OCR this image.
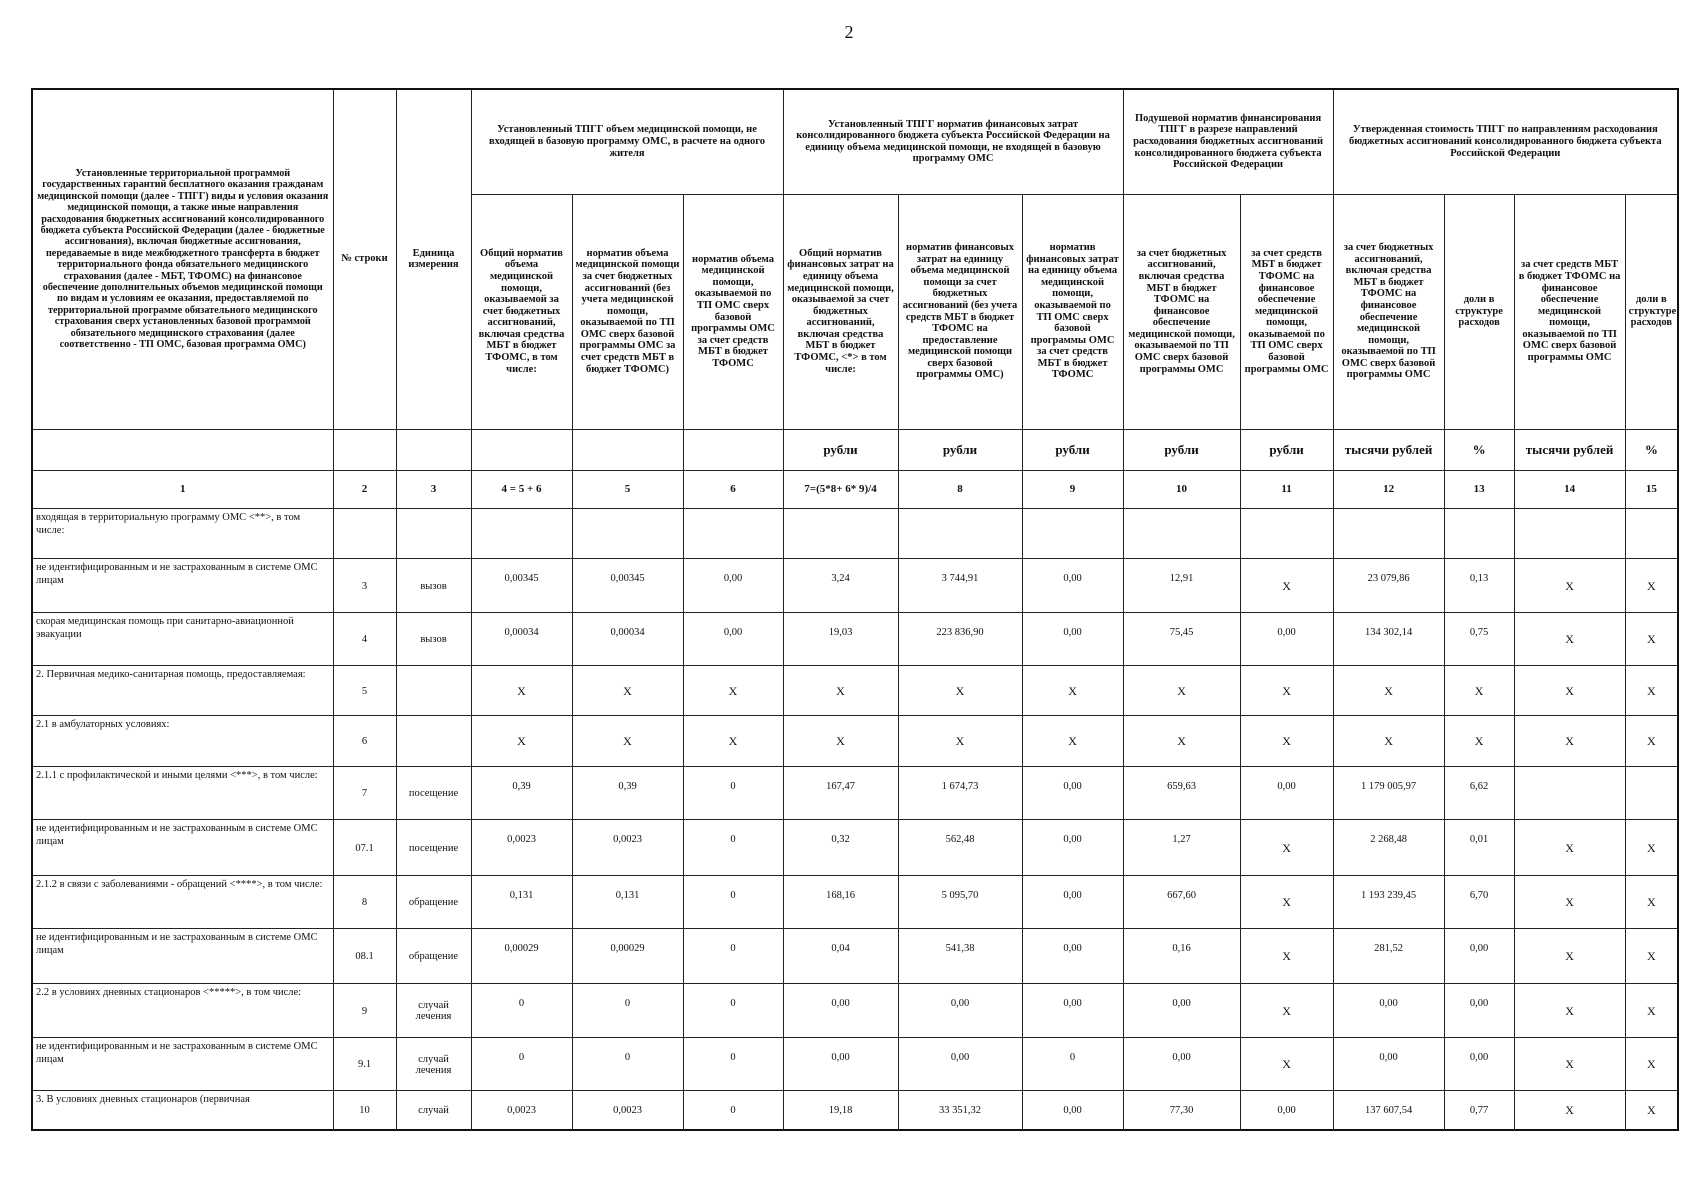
2
Установленные территориальной программой государственных гарантий бесплатного оказания гражданам медицинской помощи (далее - ТПГГ) виды и условия оказания медицинской помощи, а также иные направления расходования бюджетных ассигнований консолидированного бюджета субъекта Российской Федерации (далее - бюджетные ассигнования), включая бюджетные ассигнования, передаваемые в виде межбюджетного трансферта в бюджет территориального фонда обязательного медицинского страхования (далее - МБТ, ТФОМС) на финансовое обеспечение дополнительных объемов медицинской помощи по видам и условиям ее оказания, предоставляемой по территориальной программе обязательного медицинского страхования сверх установленных базовой программой обязательного медицинского страхования (далее соответственно - ТП ОМС, базовая программа ОМС)	№ строки	Единица измерения	Установленный ТПГГ объем медицинской помощи, не входящей в базовую программу ОМС, в расчете на одного жителя			Установленный ТПГГ норматив финансовых затрат консолидированного бюджета субъекта Российской Федерации на единицу объема медицинской помощи, не входящей в базовую программу ОМС			Подушевой норматив финансирования ТПГГ в разрезе направлений расходования бюджетных ассигнований консолидированного бюджета субъекта Российской Федерации		Утвержденная стоимость ТПГГ по направлениям расходования бюджетных ассигнований консолидированного бюджета субъекта Российской Федерации			
			Общий норматив объема медицинской помощи, оказываемой за счет бюджетных ассигнований, включая средства МБТ в бюджет ТФОМС, в том числе:	норматив объема медицинской помощи за счет бюджетных ассигнований (без учета медицинской помощи, оказываемой по ТП ОМС сверх базовой программы ОМС за счет средств МБТ в бюджет ТФОМС)	норматив объема медицинской помощи, оказываемой по ТП ОМС сверх базовой программы ОМС за счет средств МБТ в бюджет ТФОМС	Общий норматив финансовых затрат на единицу объема медицинской помощи, оказываемой за счет бюджетных ассигнований, включая средства МБТ в бюджет ТФОМС, <*> в том числе:	норматив финансовых затрат на единицу объема медицинской помощи за счет бюджетных ассигнований (без учета средств МБТ в бюджет ТФОМС на предоставление медицинской помощи сверх базовой программы ОМС)	норматив финансовых затрат на единицу объема медицинской помощи, оказываемой по ТП ОМС сверх базовой программы ОМС за счет средств МБТ в бюджет ТФОМС	за счет бюджетных ассигнований, включая средства МБТ в бюджет ТФОМС на финансовое обеспечение медицинской помощи, оказываемой по ТП ОМС сверх базовой программы ОМС	за счет средств МБТ в бюджет ТФОМС на финансовое обеспечение медицинской помощи, оказываемой по ТП ОМС сверх базовой программы ОМС	за счет бюджетных ассигнований, включая средства МБТ в бюджет ТФОМС на финансовое обеспечение медицинской помощи, оказываемой по ТП ОМС сверх базовой программы ОМС	доли в структуре расходов	за счет средств МБТ в бюджет ТФОМС на финансовое обеспечение медицинской помощи, оказываемой по ТП ОМС сверх базовой программы ОМС	доли в структуре расходов
						рубли	рубли	рубли	рубли	рубли	тысячи рублей	%	тысячи рублей	%
1	2	3	4 = 5 + 6	5	6	7=(5*8+ 6* 9)/4	8	9	10	11	12	13	14	15
входящая в территориальную программу ОМС <**>, в том числе:														
не идентифицированным и не застрахованным в системе ОМС лицам	3	вызов	0,00345	0,00345	0,00	3,24	3 744,91	0,00	12,91	Х	23 079,86	0,13	Х	Х
скорая медицинская помощь при санитарно-авиационной эвакуации	4	вызов	0,00034	0,00034	0,00	19,03	223 836,90	0,00	75,45	0,00	134 302,14	0,75	Х	Х
2. Первичная медико-санитарная помощь, предоставляемая:	5		Х	Х	Х	Х	Х	Х	Х	Х	Х	Х	Х	Х
2.1 в амбулаторных условиях:	6		Х	Х	Х	Х	Х	Х	Х	Х	Х	Х	Х	Х
2.1.1 с профилактической и иными целями <***>, в том числе:	7	посещение	0,39	0,39	0	167,47	1 674,73	0,00	659,63	0,00	1 179 005,97	6,62		
не идентифицированным и не застрахованным в системе ОМС лицам	07.1	посещение	0,0023	0,0023	0	0,32	562,48	0,00	1,27	Х	2 268,48	0,01	Х	Х
2.1.2 в связи с заболеваниями - обращений <****>, в том числе:	8	обращение	0,131	0,131	0	168,16	5 095,70	0,00	667,60	Х	1 193 239,45	6,70	Х	Х
не идентифицированным и не застрахованным в системе ОМС лицам	08.1	обращение	0,00029	0,00029	0	0,04	541,38	0,00	0,16	Х	281,52	0,00	Х	Х
2.2 в условиях дневных стационаров <*****>, в том числе:	9	случай лечения	0	0	0	0,00	0,00	0,00	0,00	Х	0,00	0,00	Х	Х
не идентифицированным и не застрахованным в системе ОМС лицам	9.1	случай лечения	0	0	0	0,00	0,00	0	0,00	Х	0,00	0,00	Х	Х
3. В условиях дневных стационаров (первичная	10	случай	0,0023	0,0023	0	19,18	33 351,32	0,00	77,30	0,00	137 607,54	0,77	Х	Х
